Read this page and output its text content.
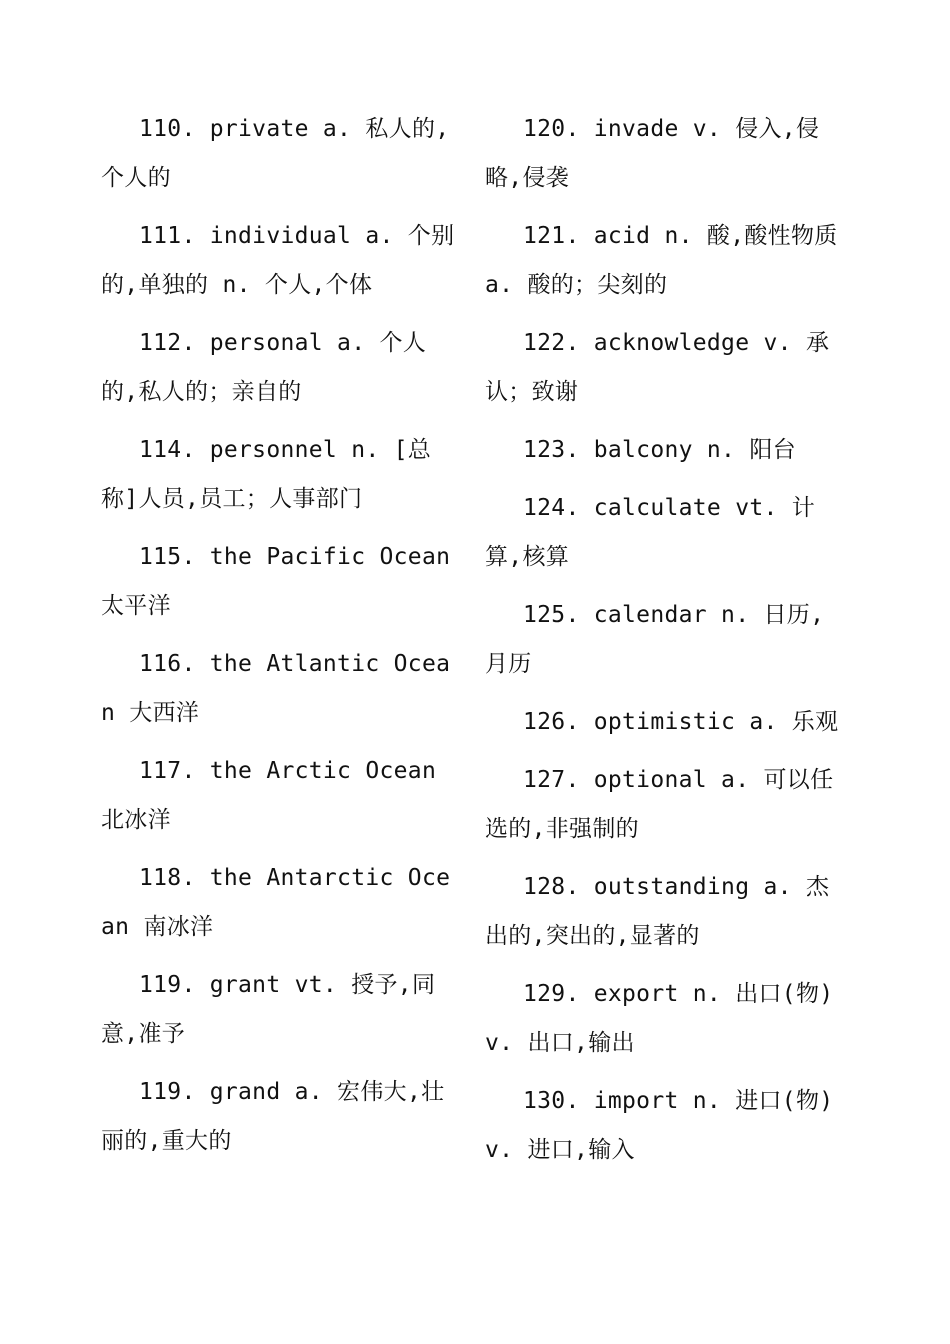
110. private a. 私人的,个人的

111. individual a. 个别的,单独的 n. 个人,个体

112. personal a. 个人的,私人的；亲自的

114. personnel n. [总称]人员,员工；人事部门

115. the Pacific Ocean 太平洋

116. the Atlantic Ocean 大西洋

117. the Arctic Ocean 北冰洋

118. the Antarctic Ocean 南冰洋

119. grant vt. 授予,同意,准予

119. grand a. 宏伟大,壮丽的,重大的

120. invade v. 侵入,侵略,侵袭

121. acid n. 酸,酸性物质 a. 酸的；尖刻的

122. acknowledge v. 承认；致谢

123. balcony n. 阳台

124. calculate vt. 计算,核算

125. calendar n. 日历,月历

126. optimistic a. 乐观

127. optional a. 可以任选的,非强制的

128. outstanding a. 杰出的,突出的,显著的

129. export n. 出口(物) v. 出口,输出

130. import n. 进口(物) v. 进口,输入
